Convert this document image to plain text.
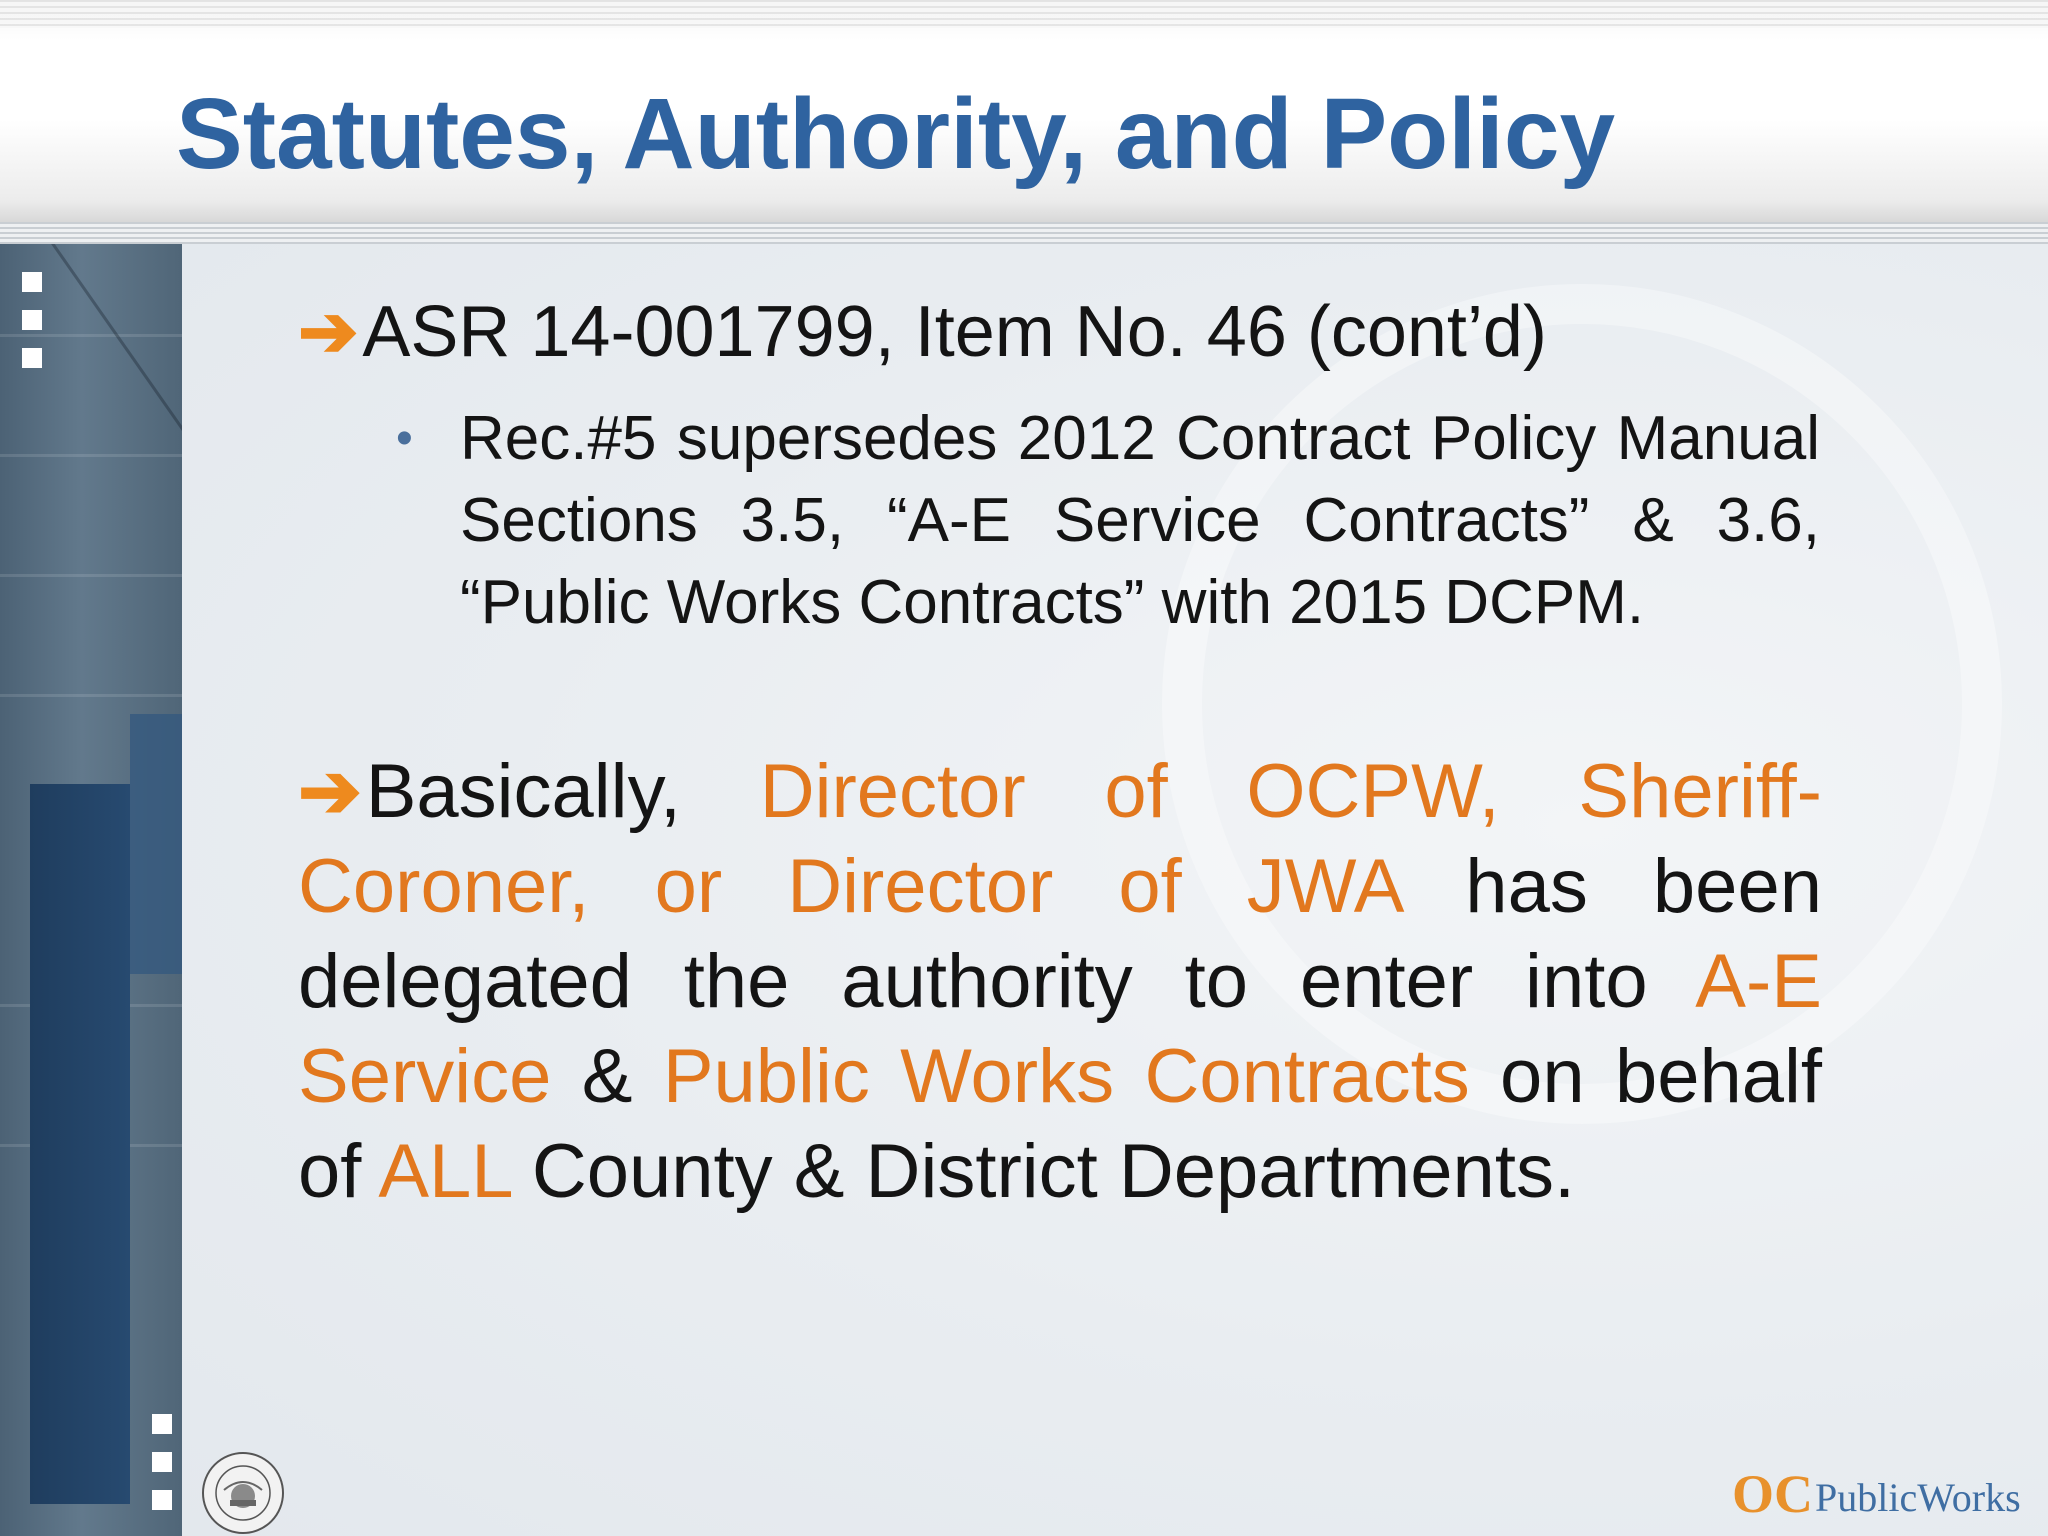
Statutes, Authority, and Policy
➔ASR 14-001799, Item No. 46 (cont’d)
• Rec.#5 supersedes 2012 Contract Policy Manual Sections 3.5, “A-E Service Contracts” & 3.6, “Public Works Contracts” with 2015 DCPM.
➔Basically, Director of OCPW, Sheriff-Coroner, or Director of JWA has been delegated the authority to enter into A-E Service & Public Works Contracts on behalf of ALL County & District Departments.
OC PublicWorks
